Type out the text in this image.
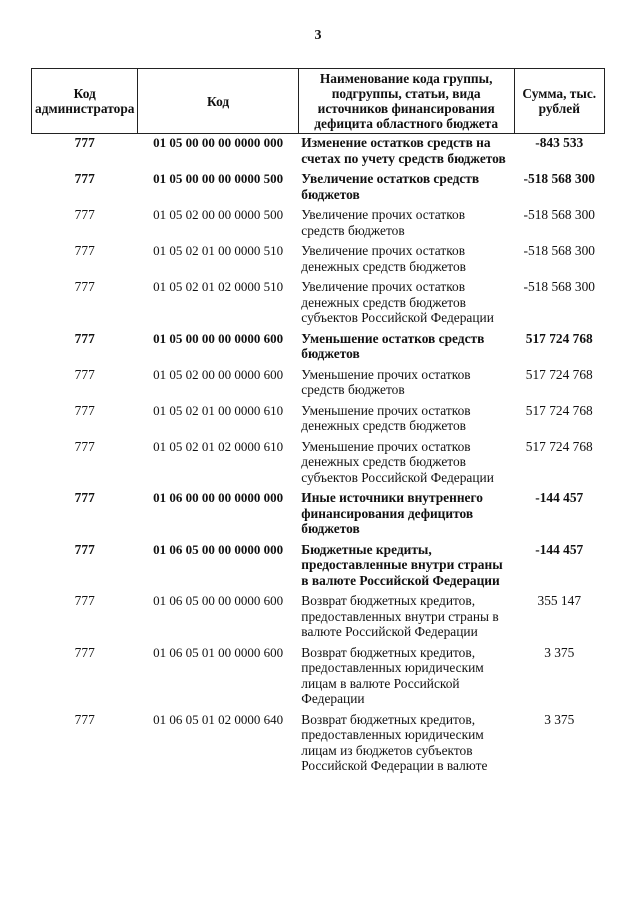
3
Код администратора	Код	Наименование кода группы, подгруппы, статьи, вида источников финансирования дефицита областного бюджета	Сумма, тыс. рублей
777	01 05 00 00 00 0000 000	Изменение остатков средств на счетах по учету средств бюджетов	-843 533
777	01 05 00 00 00 0000 500	Увеличение остатков средств бюджетов	-518 568 300
777	01 05 02 00 00 0000 500	Увеличение прочих остатков средств бюджетов	-518 568 300
777	01 05 02 01 00 0000 510	Увеличение прочих остатков денежных средств бюджетов	-518 568 300
777	01 05 02 01 02 0000 510	Увеличение прочих остатков денежных средств бюджетов субъектов Российской Федерации	-518 568 300
777	01 05 00 00 00 0000 600	Уменьшение остатков средств бюджетов	517 724 768
777	01 05 02 00 00 0000 600	Уменьшение прочих остатков средств бюджетов	517 724 768
777	01 05 02 01 00 0000 610	Уменьшение прочих остатков денежных средств бюджетов	517 724 768
777	01 05 02 01 02 0000 610	Уменьшение прочих остатков денежных средств бюджетов субъектов Российской Федерации	517 724 768
777	01 06 00 00 00 0000 000	Иные источники внутреннего финансирования дефицитов бюджетов	-144 457
777	01 06 05 00 00 0000 000	Бюджетные кредиты, предоставленные внутри страны в валюте Российской Федерации	-144 457
777	01 06 05 00 00 0000 600	Возврат бюджетных кредитов, предоставленных внутри страны в валюте Российской Федерации	355 147
777	01 06 05 01 00 0000 600	Возврат бюджетных кредитов, предоставленных юридическим лицам в валюте Российской Федерации	3 375
777	01 06 05 01 02 0000 640	Возврат бюджетных кредитов, предоставленных юридическим лицам из бюджетов субъектов Российской Федерации в валюте	3 375
